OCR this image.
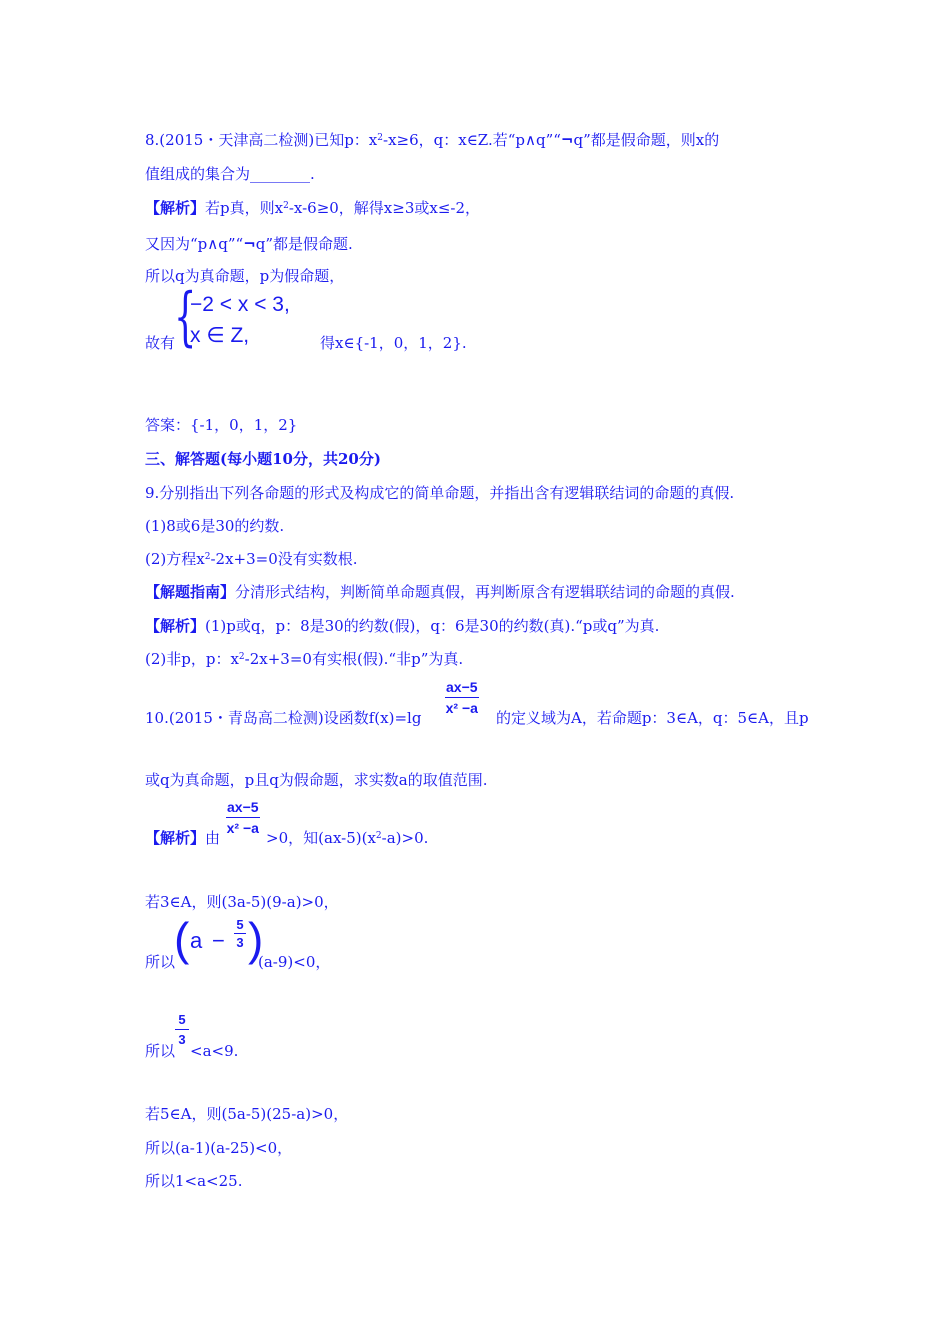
8.(2015・天津高二检测)已知p：$x^2-x\ge 6$，q：x∈Z.若“p∧q”“¬q”都是假命题，则x的
值组成的集合为________.
【解析】若p真，则$x^2-x-6\ge 0$，解得x≥3或x≤-2，
又因为“p∧q”“¬q”都是假命题.
所以q为真命题，p为假命题，
故有
{
−2 < x < 3,
x ∈ Z,	得x∈{-1，0，1，2}.
答案：{-1，0，1，2}
三、解答题(每小题10分，共20分)
9.分别指出下列各命题的形式及构成它的简单命题，并指出含有逻辑联结词的命题的真假.
(1)8或6是30的约数.
(2)方程$x^2-2x+3=0$没有实数根.
【解题指南】分清形式结构，判断简单命题真假，再判断原含有逻辑联结词的命题的真假.
【解析】(1)p或q，p：8是30的约数(假)，q：6是30的约数(真).“p或q”为真.
(2)非p，p：$x^2-2x+3=0$有实根(假).“非p”为真.
10.(2015・青岛高二检测)设函数f(x)=lg
$\frac{ax-5}{\text{x² −a}}$
的定义域为A，若命题p：3∈A，q：5∈A，且p
或q为真命题，p且q为假命题，求实数a的取值范围.
【解析】由	>0，知$(ax-5)(x^2-a)>0$.
$\frac{ax-5}{\text{x² −a}}$
若3∈A，则(3a-5)(9-a)>0，
所以
( $a - \frac{5}{3}$ )
(a-9)<0，
所以
$\frac{5}{3}$
<a<9.
若5∈A，则(5a-5)(25-a)>0，
所以(a-1)(a-25)<0，
所以1<a<25.
